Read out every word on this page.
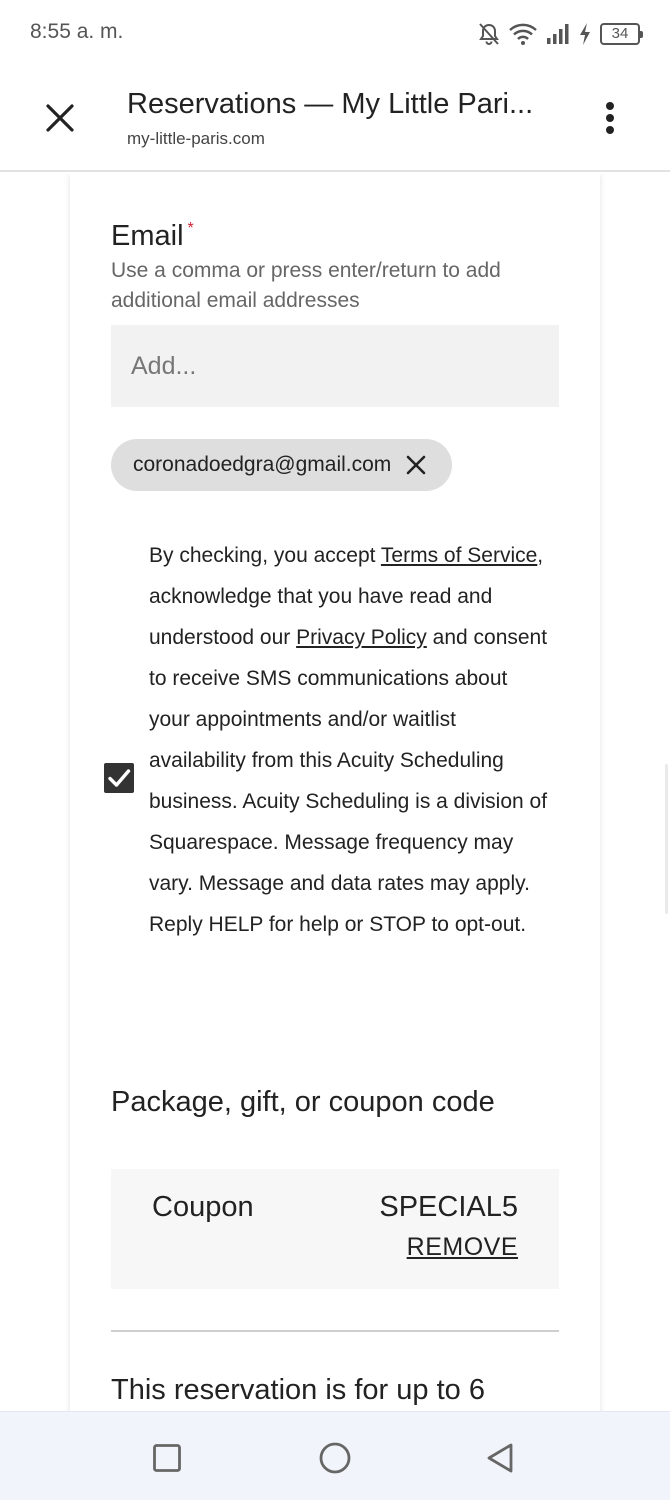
8:55 a. m.	34
Reservations — My Little Pari...
my-little-paris.com
Email *
Use a comma or press enter/return to add additional email addresses
Add...
coronadoedgra@gmail.com
By checking, you accept Terms of Service, acknowledge that you have read and understood our Privacy Policy and consent to receive SMS communications about your appointments and/or waitlist availability from this Acuity Scheduling business. Acuity Scheduling is a division of Squarespace. Message frequency may vary. Message and data rates may apply. Reply HELP for help or STOP to opt-out.
Package, gift, or coupon code
Coupon	SPECIAL5
REMOVE
This reservation is for up to 6
